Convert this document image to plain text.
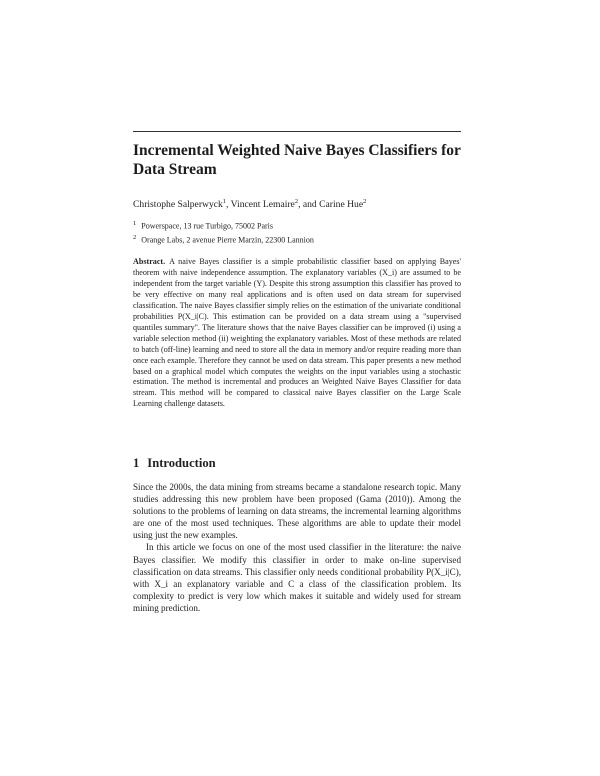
Incremental Weighted Naive Bayes Classifiers for Data Stream
Christophe Salperwyck$^1$, Vincent Lemaire$^2$, and Carine Hue$^2$
$^1$ Powerspace, 13 rue Turbigo, 75002 Paris
$^2$ Orange Labs, 2 avenue Pierre Marzin, 22300 Lannion
Abstract. A naive Bayes classifier is a simple probabilistic classifier based on applying Bayes' theorem with naive independence assumption. The explanatory variables (X_i) are assumed to be independent from the target variable (Y). Despite this strong assumption this classifier has proved to be very effective on many real applications and is often used on data stream for supervised classification. The naive Bayes classifier simply relies on the estimation of the univariate conditional probabilities P(X_i|C). This estimation can be provided on a data stream using a "supervised quantiles summary". The literature shows that the naive Bayes classifier can be improved (i) using a variable selection method (ii) weighting the explanatory variables. Most of these methods are related to batch (off-line) learning and need to store all the data in memory and/or require reading more than once each example. Therefore they cannot be used on data stream. This paper presents a new method based on a graphical model which computes the weights on the input variables using a stochastic estimation. The method is incremental and produces an Weighted Naive Bayes Classifier for data stream. This method will be compared to classical naive Bayes classifier on the Large Scale Learning challenge datasets.
1 Introduction

Since the 2000s, the data mining from streams became a standalone research topic. Many studies addressing this new problem have been proposed (Gama (2010)). Among the solutions to the problems of learning on data streams, the incremental learning algorithms are one of the most used techniques. These algorithms are able to update their model using just the new examples.

In this article we focus on one of the most used classifier in the literature: the naive Bayes classifier. We modify this classifier in order to make on-line supervised classification on data streams. This classifier only needs conditional probability P(X_i|C), with X_i an explanatory variable and C a class of the classification problem. Its complexity to predict is very low which makes it suitable and widely used for stream mining prediction.
